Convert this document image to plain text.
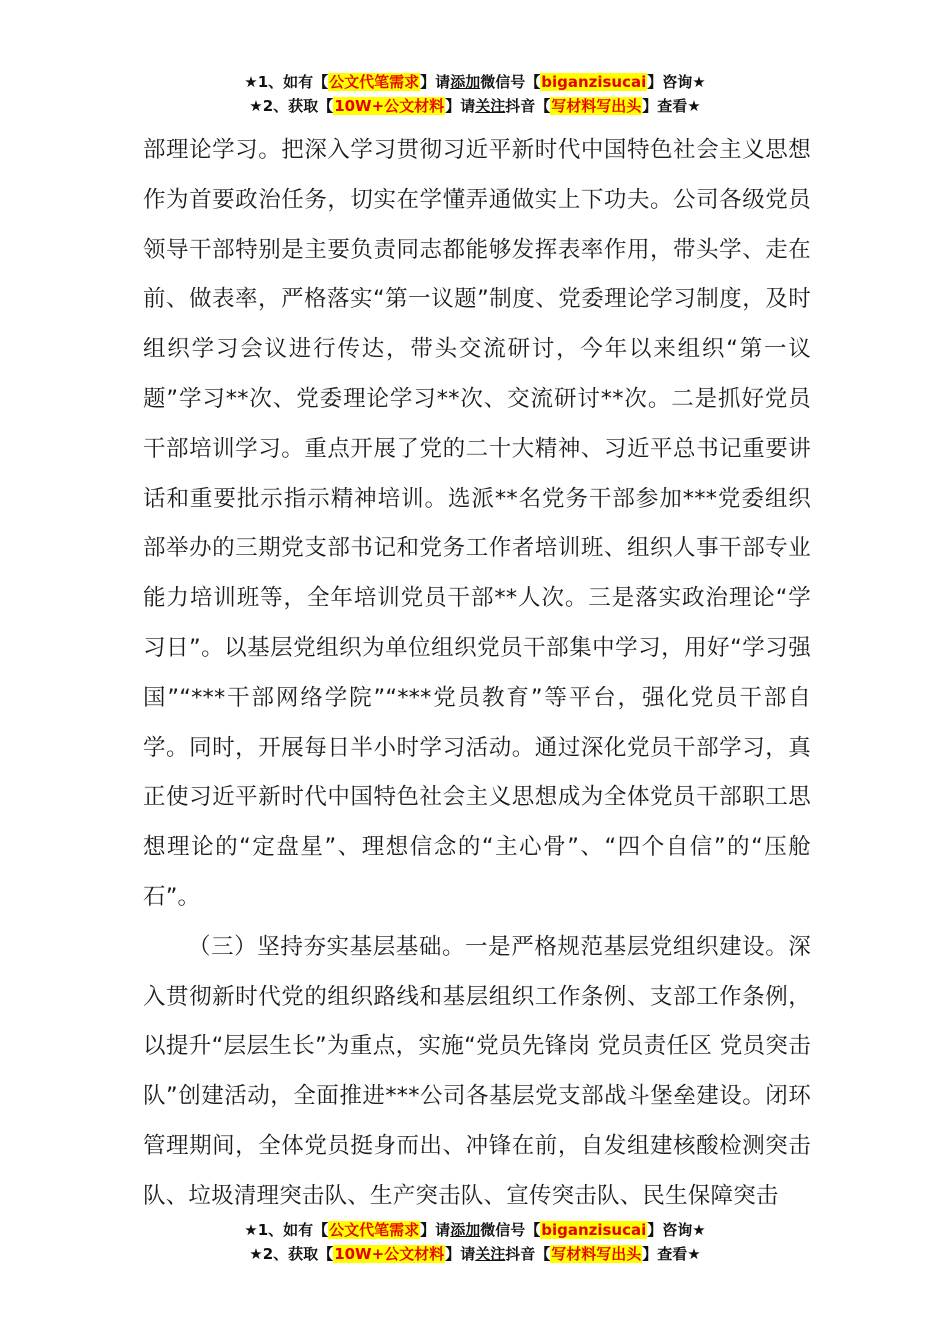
★1、如有【公文代笔需求】请添加微信号【biganzisucai】咨询★
★2、获取【10W+公文材料】请关注抖音【写材料写出头】查看★

部理论学习。把深入学习贯彻习近平新时代中国特色社会主义思想作为首要政治任务，切实在学懂弄通做实上下功夫。公司各级党员领导干部特别是主要负责同志都能够发挥表率作用，带头学、走在前、做表率，严格落实“第一议题”制度、党委理论学习制度，及时组织学习会议进行传达，带头交流研讨，今年以来组织“第一议题”学习**次、党委理论学习**次、交流研讨**次。二是抓好党员干部培训学习。重点开展了党的二十大精神、习近平总书记重要讲话和重要批示指示精神培训。选派**名党务干部参加***党委组织部举办的三期党支部书记和党务工作者培训班、组织人事干部专业能力培训班等，全年培训党员干部**人次。三是落实政治理论“学习日”。以基层党组织为单位组织党员干部集中学习，用好“学习强国”“***干部网络学院”“***党员教育”等平台，强化党员干部自学。同时，开展每日半小时学习活动。通过深化党员干部学习，真正使习近平新时代中国特色社会主义思想成为全体党员干部职工思想理论的“定盘星”、理想信念的“主心骨”、“四个自信”的“压舱石”。

（三）坚持夯实基层基础。一是严格规范基层党组织建设。深入贯彻新时代党的组织路线和基层组织工作条例、支部工作条例，以提升“层层生长”为重点，实施“党员先锋岗 党员责任区 党员突击队”创建活动，全面推进***公司各基层党支部战斗堡垒建设。闭环管理期间，全体党员挺身而出、冲锋在前，自发组建核酸检测突击队、垃圾清理突击队、生产突击队、宣传突击队、民生保障突击

★1、如有【公文代笔需求】请添加微信号【biganzisucai】咨询★
★2、获取【10W+公文材料】请关注抖音【写材料写出头】查看★
